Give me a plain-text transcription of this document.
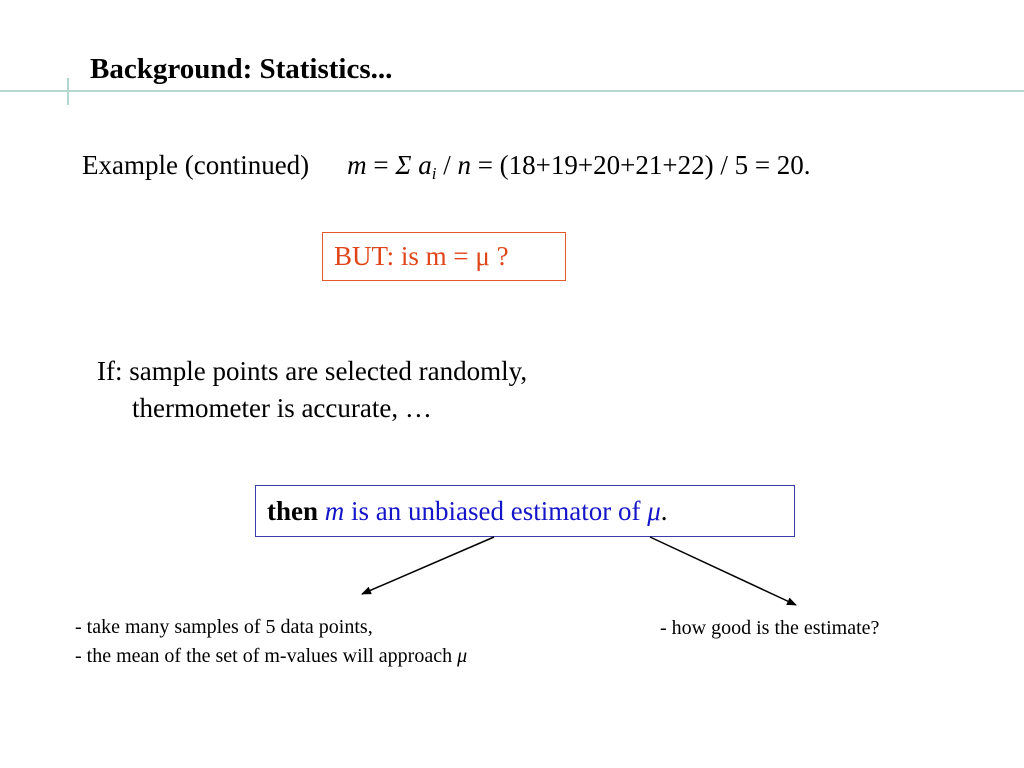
Background: Statistics...
Example (continued) m = Σ $a_i / n = (18+19+20+21+22) / 5 = 20$.
BUT: is m = μ ?
If: sample points are selected randomly,
thermometer is accurate, …
then m is an unbiased estimator of μ.
- take many samples of 5 data points,
- the mean of the set of m-values will approach μ
- how good is the estimate?
